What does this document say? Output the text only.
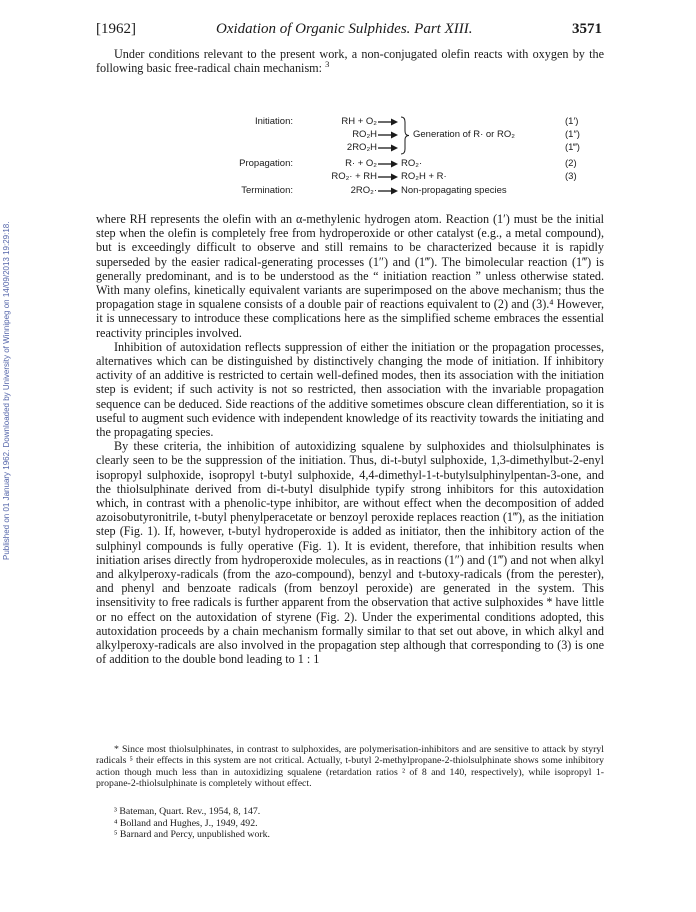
Published on 01 January 1962. Downloaded by University of Winnipeg on 14/09/2013 19:29:18.
[1962]	Oxidation of Organic Sulphides. Part XIII.	3571
Under conditions relevant to the present work, a non-conjugated olefin reacts with oxygen by the following basic free-radical chain mechanism: $^3$
Initiation:	RH + O₂ →	(1′)
RO₂H →	(1″)
2RO₂H →	(1‴)
Generation of R· or RO₂
Propagation:	R· + O₂ → RO₂·	(2)
RO₂· + RH → RO₂H + R·	(3)
Termination:	2RO₂· → Non-propagating species

where RH represents the olefin with an α-methylenic hydrogen atom. Reaction (1′) must be the initial step when the olefin is completely free from hydroperoxide or other catalyst (e.g., a metal compound), but is exceedingly difficult to observe and still remains to be characterized because it is rapidly superseded by the easier radical-generating processes (1″) and (1‴). The bimolecular reaction (1‴) is generally predominant, and is to be understood as the “ initiation reaction ” unless otherwise stated. With many olefins, kinetically equivalent variants are superimposed on the above mechanism; thus the propagation stage in squalene consists of a double pair of reactions equivalent to (2) and (3).⁴ However, it is unnecessary to introduce these complications here as the simplified scheme embraces the essential reactivity principles involved.

Inhibition of autoxidation reflects suppression of either the initiation or the propagation processes, alternatives which can be distinguished by distinctively changing the mode of initiation. If inhibitory activity of an additive is restricted to certain well-defined modes, then its association with the initiation step is evident; if such activity is not so restricted, then association with the invariable propagation sequence can be deduced. Side reactions of the additive sometimes obscure clean differentiation, so it is useful to augment such evidence with independent knowledge of its reactivity towards the initiating and the propagating species.

By these criteria, the inhibition of autoxidizing squalene by sulphoxides and thiolsulphinates is clearly seen to be the suppression of the initiation. Thus, di-t-butyl sulphoxide, 1,3-dimethylbut-2-enyl isopropyl sulphoxide, isopropyl t-butyl sulphoxide, 4,4-dimethyl-1-t-butylsulphinylpentan-3-one, and the thiolsulphinate derived from di-t-butyl disulphide typify strong inhibitors for this autoxidation which, in contrast with a phenolic-type inhibitor, are without effect when the decomposition of added azoisobutyronitrile, t-butyl phenylperacetate or benzoyl peroxide replaces reaction (1‴), as the initiation step (Fig. 1). If, however, t-butyl hydroperoxide is added as initiator, then the inhibitory action of the sulphinyl compounds is fully operative (Fig. 1). It is evident, therefore, that inhibition results when initiation arises directly from hydroperoxide molecules, as in reactions (1″) and (1‴) and not when alkyl and alkylperoxy-radicals (from the azo-compound), benzyl and t-butoxy-radicals (from the perester), and phenyl and benzoate radicals (from benzoyl peroxide) are generated in the system. This insensitivity to free radicals is further apparent from the observation that active sulphoxides * have little or no effect on the autoxidation of styrene (Fig. 2). Under the experimental conditions adopted, this autoxidation proceeds by a chain mechanism formally similar to that set out above, in which alkyl and alkylperoxy-radicals are also involved in the propagation step although that corresponding to (3) is one of addition to the double bond leading to 1 : 1

* Since most thiolsulphinates, in contrast to sulphoxides, are polymerisation-inhibitors and are sensitive to attack by styryl radicals ⁵ their effects in this system are not critical. Actually, t-butyl 2-methylpropane-2-thiolsulphinate shows some inhibitory action though much less than in autoxidizing squalene (retardation ratios ² of 8 and 140, respectively), while isopropyl 1-propane-2-thiolsulphinate is completely without effect.

³ Bateman, Quart. Rev., 1954, 8, 147.
⁴ Bolland and Hughes, J., 1949, 492.
⁵ Barnard and Percy, unpublished work.
